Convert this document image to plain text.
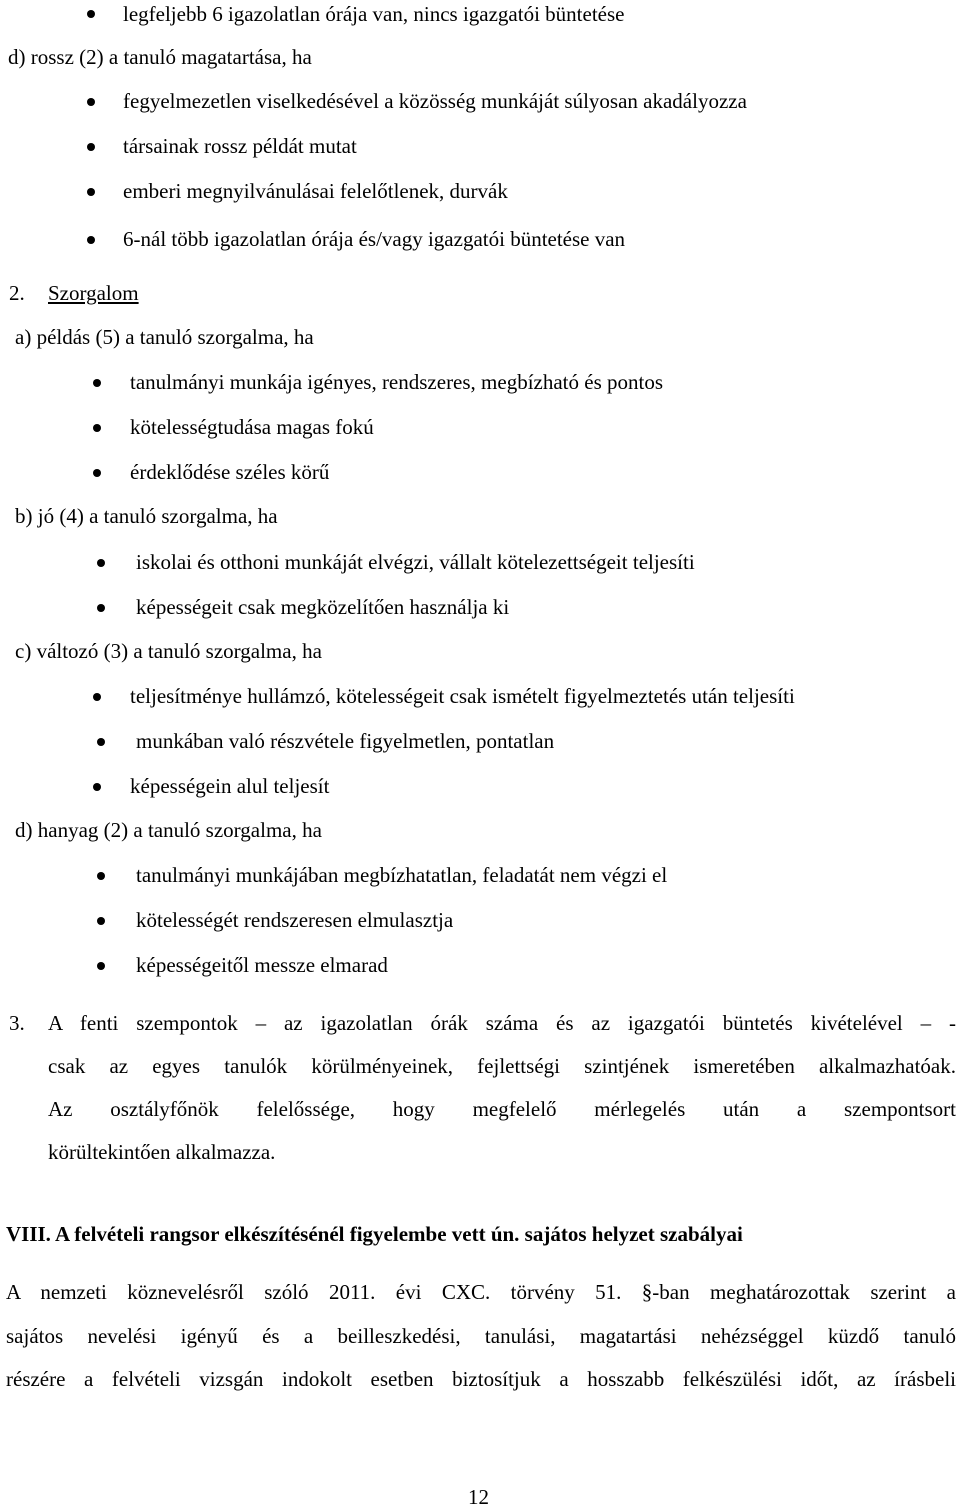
legfeljebb 6 igazolatlan órája van, nincs igazgatói büntetése
d) rossz (2) a tanuló magatartása, ha
fegyelmezetlen viselkedésével a közösség munkáját súlyosan akadályozza
társainak rossz példát mutat
emberi megnyilvánulásai felelőtlenek, durvák
6-nál több igazolatlan órája és/vagy igazgatói büntetése van
2. Szorgalom
a) példás (5) a tanuló szorgalma, ha
tanulmányi munkája igényes, rendszeres, megbízható és pontos
kötelességtudása magas fokú
érdeklődése széles körű
b) jó (4) a tanuló szorgalma, ha
iskolai és otthoni munkáját elvégzi, vállalt kötelezettségeit teljesíti
képességeit csak megközelítően használja ki
c) változó (3) a tanuló szorgalma, ha
teljesítménye hullámzó, kötelességeit csak ismételt figyelmeztetés után teljesíti
munkában való részvétele figyelmetlen, pontatlan
képességein alul teljesít
d) hanyag (2) a tanuló szorgalma, ha
tanulmányi munkájában megbízhatatlan, feladatát nem végzi el
kötelességét rendszeresen elmulasztja
képességeitől messze elmarad
3. A fenti szempontok – az igazolatlan órák száma és az igazgatói büntetés kivételével – -
csak az egyes tanulók körülményeinek, fejlettségi szintjének ismeretében alkalmazhatóak.
Az osztályfőnök felelőssége, hogy megfelelő mérlegelés után a szempontsort
körültekintően alkalmazza.
VIII. A felvételi rangsor elkészítésénél figyelembe vett ún. sajátos helyzet szabályai
A nemzeti köznevelésről szóló 2011. évi CXC. törvény 51. §-ban meghatározottak szerint a
sajátos nevelési igényű és a beilleszkedési, tanulási, magatartási nehézséggel küzdő tanuló
részére a felvételi vizsgán indokolt esetben biztosítjuk a hosszabb felkészülési időt, az írásbeli
12
